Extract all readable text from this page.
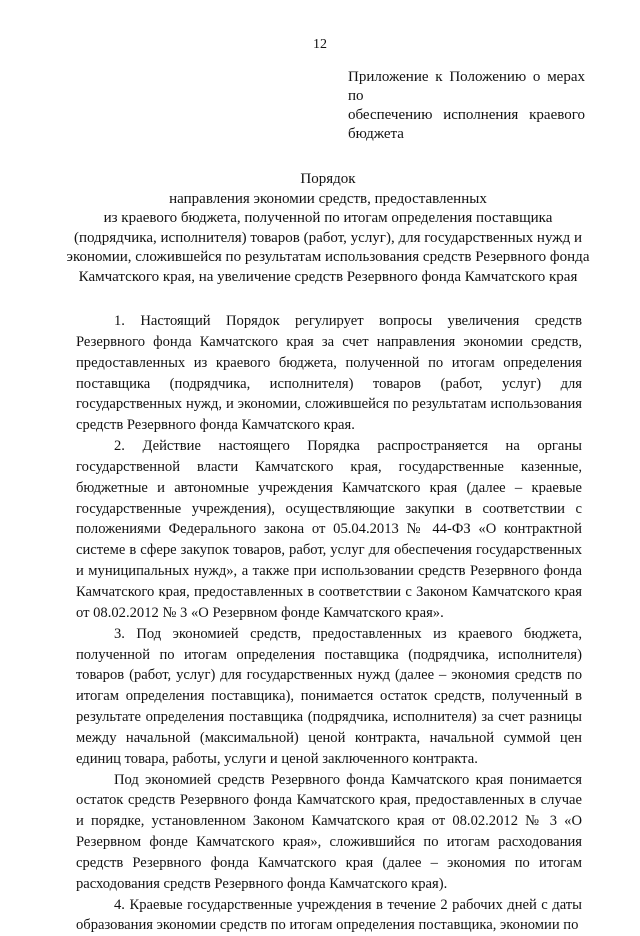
12
Приложение к Положению о мерах по
обеспечению исполнения краевого
бюджета
Порядок
направления экономии средств, предоставленных
из краевого бюджета, полученной по итогам определения поставщика
(подрядчика, исполнителя) товаров (работ, услуг), для государственных нужд и
экономии, сложившейся по результатам использования средств Резервного фонда
Камчатского края, на увеличение средств Резервного фонда Камчатского края

1. Настоящий Порядок регулирует вопросы увеличения средств Резервного фонда Камчатского края за счет направления экономии средств, предоставленных из краевого бюджета, полученной по итогам определения поставщика (подрядчика, исполнителя) товаров (работ, услуг) для государственных нужд, и экономии, сложившейся по результатам использования средств Резервного фонда Камчатского края.

2. Действие настоящего Порядка распространяется на органы государственной власти Камчатского края, государственные казенные, бюджетные и автономные учреждения Камчатского края (далее – краевые государственные учреждения), осуществляющие закупки в соответствии с положениями Федерального закона от 05.04.2013 № 44-ФЗ «О контрактной системе в сфере закупок товаров, работ, услуг для обеспечения государственных и муниципальных нужд», а также при использовании средств Резервного фонда Камчатского края, предоставленных в соответствии с Законом Камчатского края от 08.02.2012 № 3 «О Резервном фонде Камчатского края».

3. Под экономией средств, предоставленных из краевого бюджета, полученной по итогам определения поставщика (подрядчика, исполнителя) товаров (работ, услуг) для государственных нужд (далее – экономия средств по итогам определения поставщика), понимается остаток средств, полученный в результате определения поставщика (подрядчика, исполнителя) за счет разницы между начальной (максимальной) ценой контракта, начальной суммой цен единиц товара, работы, услуги и ценой заключенного контракта.

Под экономией средств Резервного фонда Камчатского края понимается остаток средств Резервного фонда Камчатского края, предоставленных в случае и порядке, установленном Законом Камчатского края от 08.02.2012 № 3 «О Резервном фонде Камчатского края», сложившийся по итогам расходования средств Резервного фонда Камчатского края (далее – экономия по итогам расходования средств Резервного фонда Камчатского края).

4. Краевые государственные учреждения в течение 2 рабочих дней с даты образования экономии средств по итогам определения поставщика, экономии по
